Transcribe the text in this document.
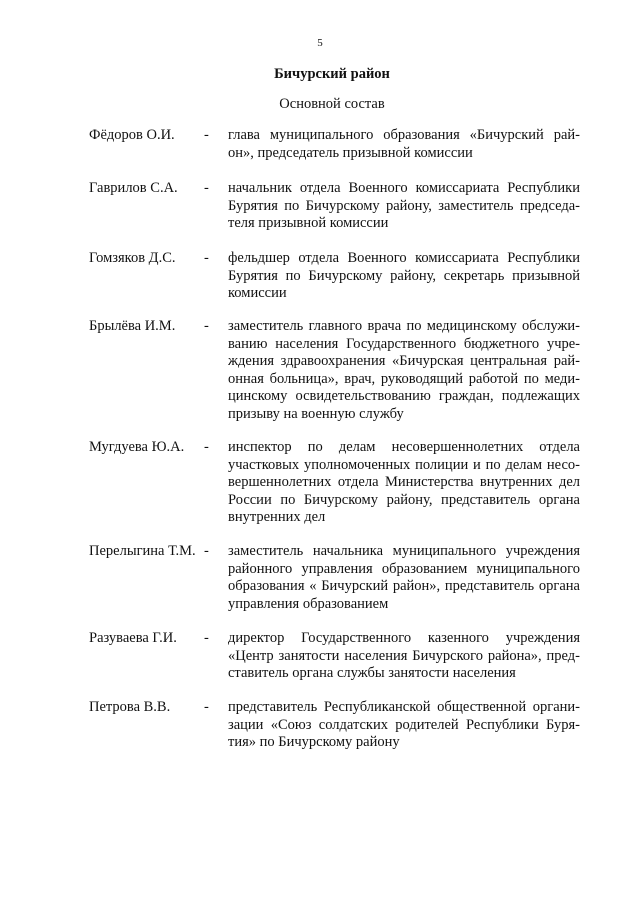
5
Бичурский район
Основной состав
Фёдоров О.И.	- глава муниципального образования «Бичурский рай-
он», председатель призывной комиссии
Гаврилов С.А.	- начальник отдела Военного комиссариата Республики
Бурятия по Бичурскому району, заместитель председа-
теля призывной комиссии
Гомзяков Д.С.	- фельдшер отдела Военного комиссариата Республики
Бурятия по Бичурскому району, секретарь призывной
комиссии
Брылёва И.М.	- заместитель главного врача по медицинскому обслужи-
ванию населения Государственного бюджетного учре-
ждения здравоохранения «Бичурская центральная рай-
онная больница», врач, руководящий работой по меди-
цинскому освидетельствованию граждан, подлежащих
призыву на военную службу
Мугдуева Ю.А.	- инспектор по делам несовершеннолетних отдела
участковых уполномоченных полиции и по делам несо-
вершеннолетних отдела Министерства внутренних дел
России по Бичурскому району, представитель органа
внутренних дел
Перелыгина Т.М. - заместитель начальника муниципального учреждения
районного управления образованием муниципального
образования « Бичурский район», представитель органа
управления образованием
Разуваева Г.И.	- директор Государственного казенного учреждения
«Центр занятости населения Бичурского района», пред-
ставитель органа службы занятости населения
Петрова В.В.	- представитель Республиканской общественной органи-
зации «Союз солдатских родителей Республики Буря-
тия» по Бичурскому району
